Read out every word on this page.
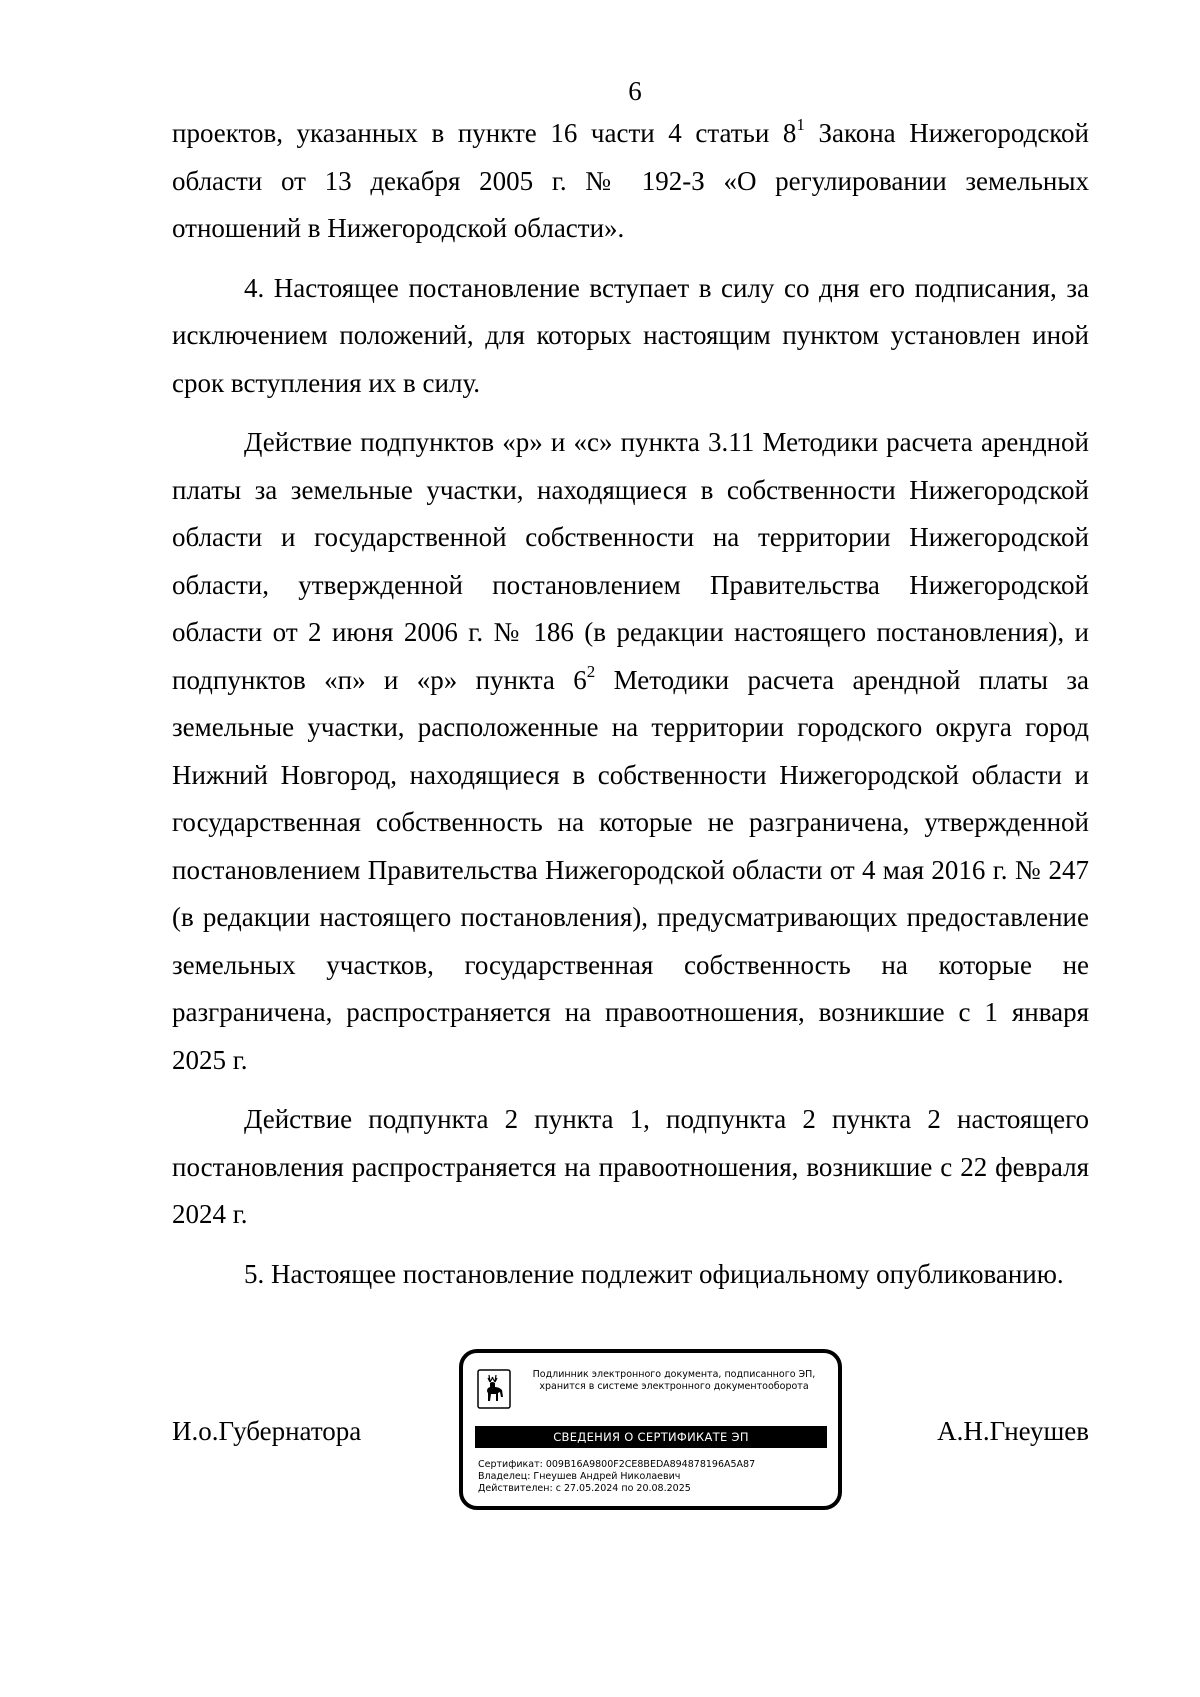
6

проектов, указанных в пункте 16 части 4 статьи $8^1$ Закона Нижегородской области от 13 декабря 2005 г. № 192-З «О регулировании земельных отношений в Нижегородской области».

4. Настоящее постановление вступает в силу со дня его подписания, за исключением положений, для которых настоящим пунктом установлен иной срок вступления их в силу.

Действие подпунктов «р» и «с» пункта 3.11 Методики расчета арендной платы за земельные участки, находящиеся в собственности Нижегородской области и государственной собственности на территории Нижегородской области, утвержденной постановлением Правительства Нижегородской области от 2 июня 2006 г. № 186 (в редакции настоящего постановления), и подпунктов «п» и «р» пункта $6^2$ Методики расчета арендной платы за земельные участки, расположенные на территории городского округа город Нижний Новгород, находящиеся в собственности Нижегородской области и государственная собственность на которые не разграничена, утвержденной постановлением Правительства Нижегородской области от 4 мая 2016 г. № 247 (в редакции настоящего постановления), предусматривающих предоставление земельных участков, государственная собственность на которые не разграничена, распространяется на правоотношения, возникшие с 1 января 2025 г.

Действие подпункта 2 пункта 1, подпункта 2 пункта 2 настоящего постановления распространяется на правоотношения, возникшие с 22 февраля 2024 г.

5. Настоящее постановление подлежит официальному опубликованию.

И.о.Губернатора	А.Н.Гнеушев
Подлинник электронного документа, подписанного ЭП,
хранится в системе электронного документооборота
СВЕДЕНИЯ О СЕРТИФИКАТЕ ЭП
Сертификат: 009B16A9800F2CE8BEDA894878196A5A87
Владелец: Гнеушев Андрей Николаевич
Действителен: с 27.05.2024 по 20.08.2025
